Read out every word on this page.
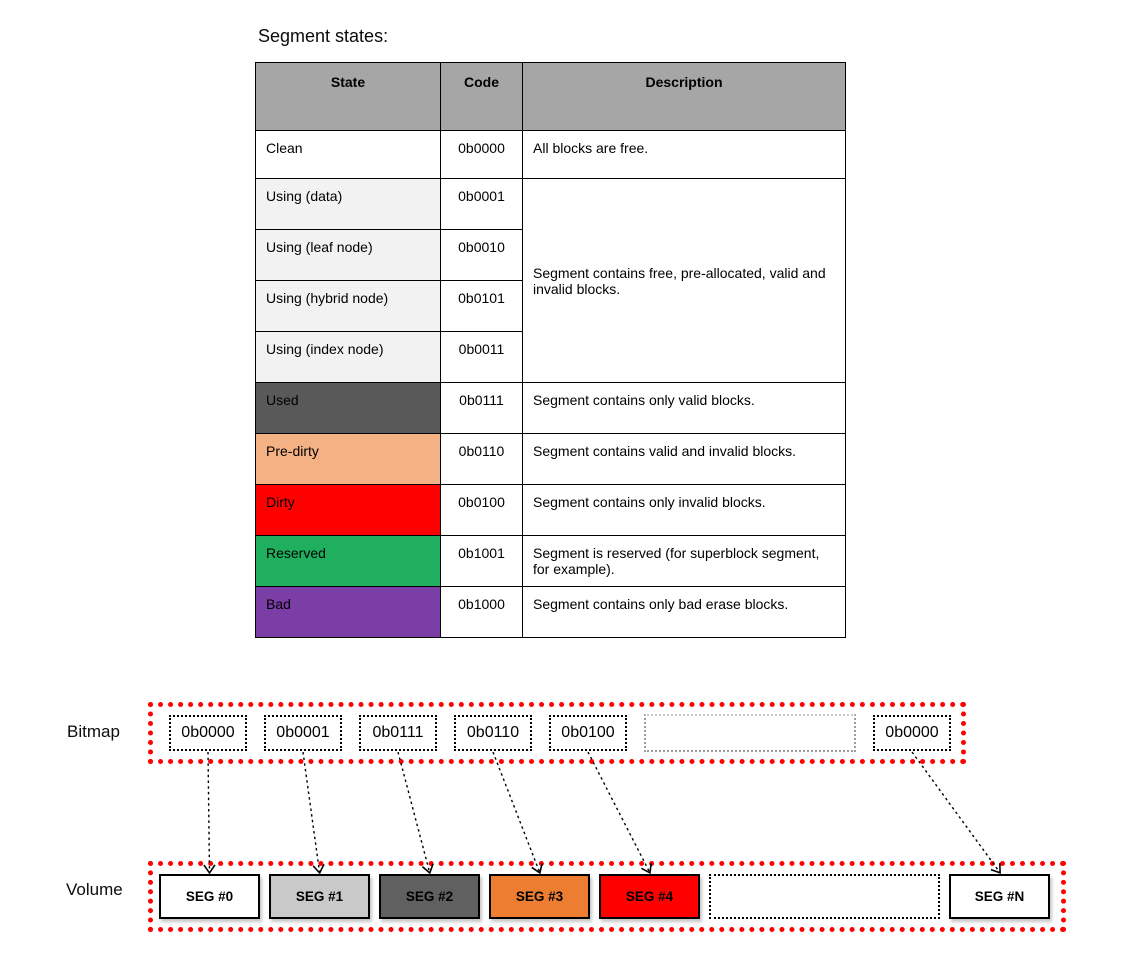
Segment states:
State	Code	Description
Clean	0b0000	All blocks are free.
Using (data)	0b0001	Segment contains free, pre-allocated, valid and invalid blocks.
Using (leaf node)	0b0010	
Using (hybrid node)	0b0101	
Using (index node)	0b0011	
Used	0b0111	Segment contains only valid blocks.
Pre-dirty	0b0110	Segment contains valid and invalid blocks.
Dirty	0b0100	Segment contains only invalid blocks.
Reserved	0b1001	Segment is reserved (for superblock segment, for example).
Bad	0b1000	Segment contains only bad erase blocks.
Bitmap	0b0000	0b0001	0b0111	0b0110	0b0100	0b0000
Volume	SEG #0	SEG #1	SEG #2	SEG #3	SEG #4	SEG #N
